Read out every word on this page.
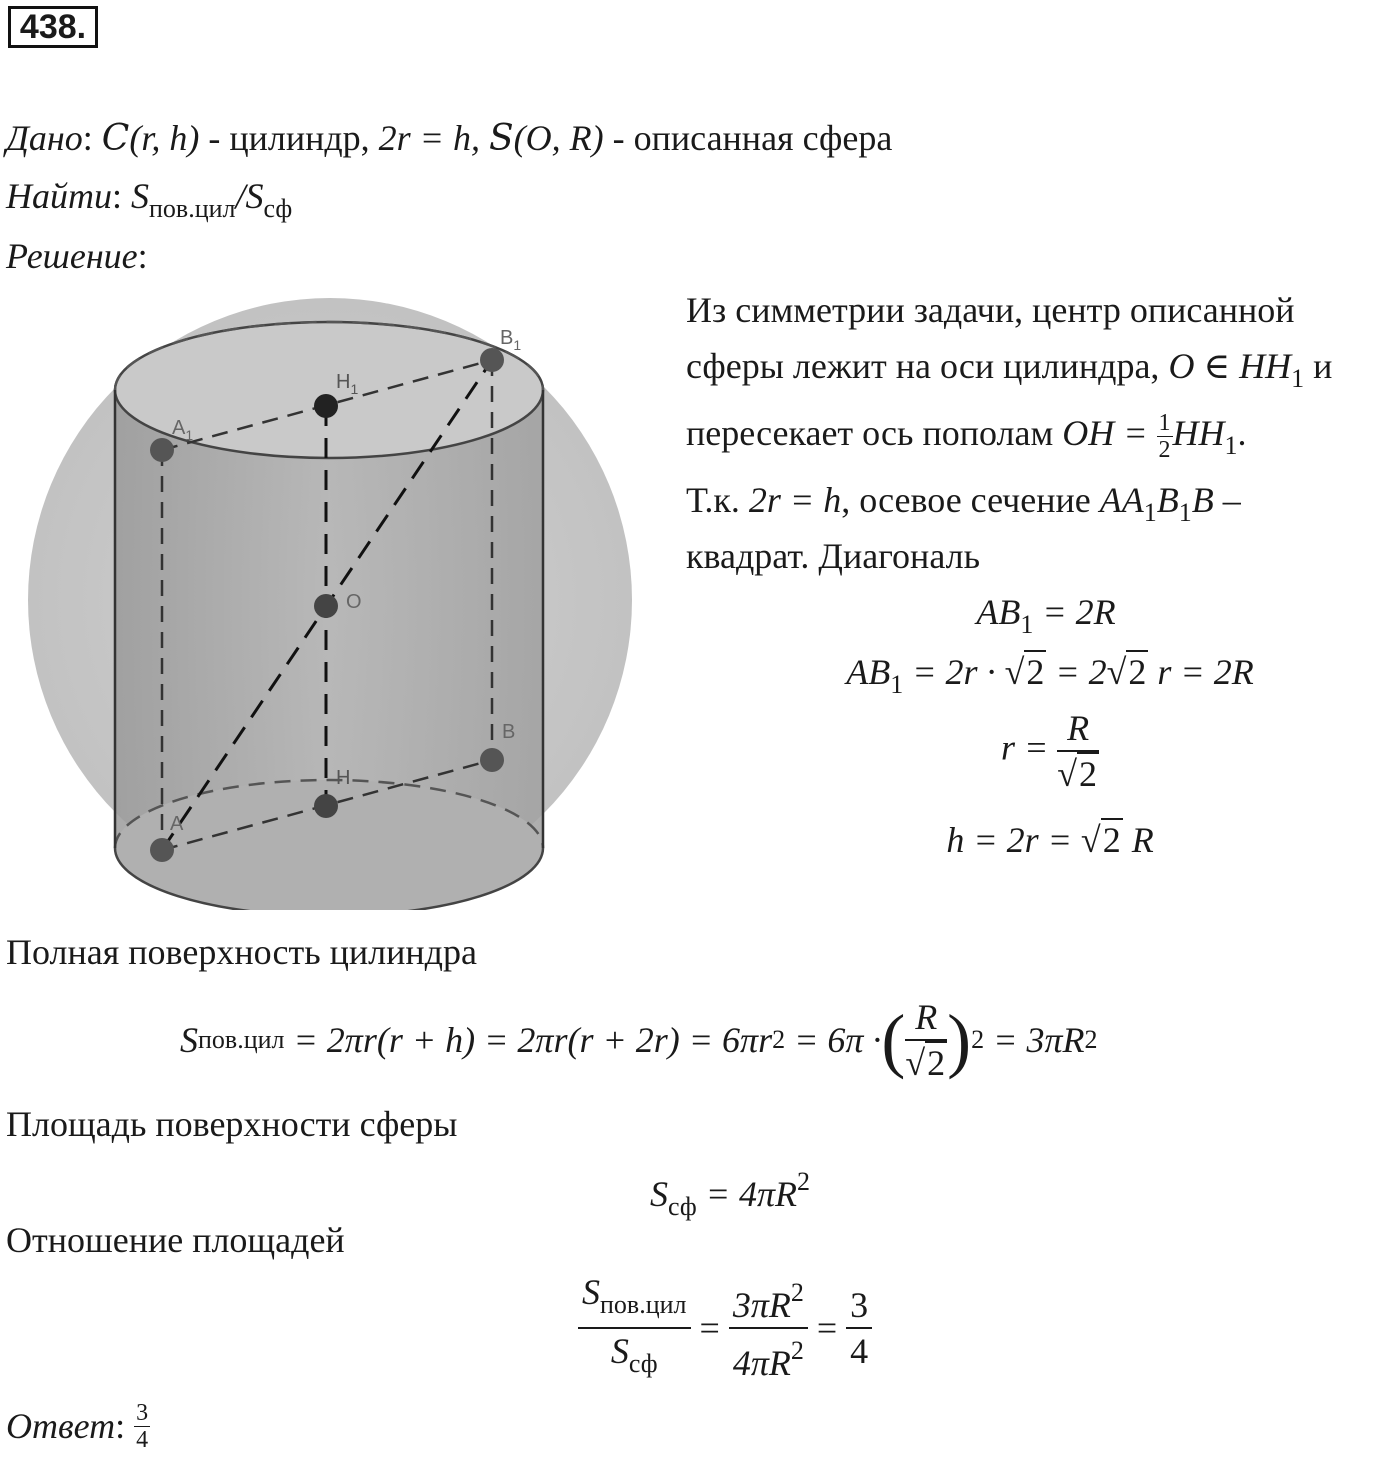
438.
Дано: C(r, h) - цилиндр, 2r = h, S(O, R) - описанная сфера
Найти: $S_{пов.цил}/S_{сф}$
Решение:
$B_1$
$H_1$
$A_1$
O
B
H
A
Из симметрии задачи, центр описанной
сферы лежит на оси цилиндра, O ∈ $HH_1$ и
пересекает ось пополам OH = $\frac{1}{2} HH_1$.
Т.к. 2r = h, осевое сечение $AA_1B_1B$ –
квадрат. Диагональ
$AB_1 = 2R$
$AB_1 = 2r \cdot √2 = 2√2$ r = 2R
$r = \frac{R}{√2}$
h = 2r = √2 R
Полная поверхность цилиндра
S пов.цил
= 2πr(r + h) = 2πr(r + 2r) = 6πr 2
= 6π · ( $\frac{R}{√2}$ ) 2
= 3πR 2
Площадь поверхности сферы
$S_{сф} = 4\pi R^2$
Отношение площадей
$\frac{S_{пов.цил}}{S_{сф}}$
=
$\frac{3\pi R^2}{4\pi R^2}$
=
$\frac{3}{4}$
Ответ : $\frac{3}{4}$
